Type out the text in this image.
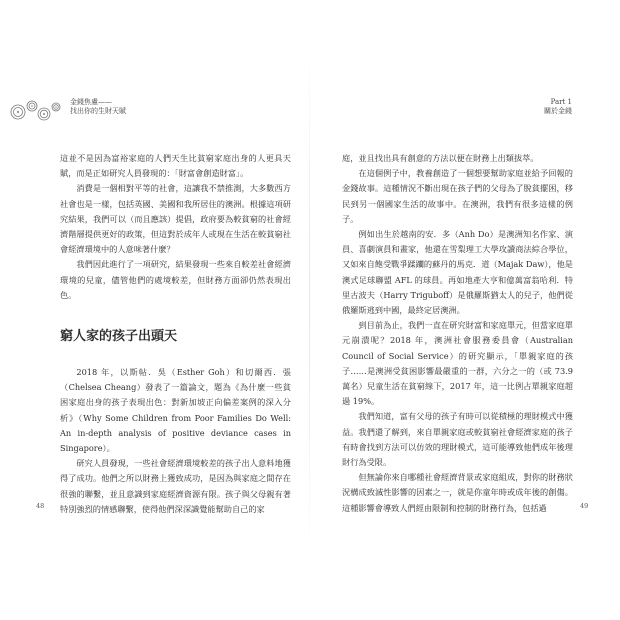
金錢焦慮——
找出你的生財天賦
Part 1
關於金錢

這並不是因為富裕家庭的人們天生比貧窮家庭出身的人更具天賦，而是正如研究人員發現的：「財富會創造財富」。

消費是一個相對平等的社會，這讓我不禁推測，大多數西方社會也是一樣，包括英國、美國和我所居住的澳洲。根據這項研究結果，我們可以（而且應該）提倡，政府要為較貧窮的社會經濟階層提供更好的政策，但這對於成年人或現在生活在較貧窮社會經濟環境中的人意味著什麼？

我們因此進行了一項研究，結果發現一些來自較差社會經濟環境的兒童，儘管他們的處境較差，但財務方面卻仍然表現出色。

窮人家的孩子出頭天

2018 年，以斯帖．吳（Esther Goh）和切爾西．張（Chelsea Cheang）發表了一篇論文，題為《為什麼一些貧困家庭出身的孩子表現出色：對新加坡正向偏差案例的深入分析》（Why Some Children from Poor Families Do Well: An in-depth analysis of positive deviance cases in Singapore）。

研究人員發現，一些社會經濟環境較差的孩子出人意料地獲得了成功。他們之所以財務上獲致成功，是因為與家庭之間存在很強的聯繫，並且意識到家庭經濟資源有限。孩子與父母親有著特別強烈的情感聯繫，使得他們深深識覺能幫助自己的家

庭，並且找出具有創意的方法以便在財務上出類拔萃。

在這個例子中，教養創造了一個想要幫助家庭並給予回報的金錢故事。這種情況不斷出現在孩子們的父母為了脫貧擺困，移民到另一個國家生活的故事中。在澳洲，我們有很多這樣的例子。

例如出生於越南的安．多（Anh Do）是澳洲知名作家、演員、喜劇演員和畫家，他還在雪梨理工大學攻讀商法綜合學位，又如來自飽受戰爭蹂躪的蘇丹的馬克．道（Majak Daw），他是澳式足球聯盟 AFL 的球員。再如地產大亨和億萬富翁哈利．特里古波夫（Harry Triguboff）是俄羅斯猶太人的兒子，他們從俄羅斯逃到中國，最終定居澳洲。

到目前為止，我們一直在研究財富和家庭單元，但當家庭單元崩潰呢？2018 年，澳洲社會服務委員會（Australian Council of Social Service）的研究顯示，「單親家庭的孩子……是澳洲受貧困影響最嚴重的一群，六分之一的（或 73.9 萬名）兒童生活在貧窮線下，2017 年，這一比例占單親家庭超過 19%。

我們知道，富有父母的孩子有時可以從積極的理財模式中獲益。我們還了解到，來自單親家庭或較貧窮社會經濟家庭的孩子有時會找到方法可以仿效的理財模式，這可能導致他們成年後理財行為受限。

但無論你來自哪種社會經濟背景或家庭組成，對你的財務狀況構成致滅性影響的因素之一，就是你童年時或成年後的創傷。這種影響會導致人們經由限制和控制的財務行為，包括過

48	49
